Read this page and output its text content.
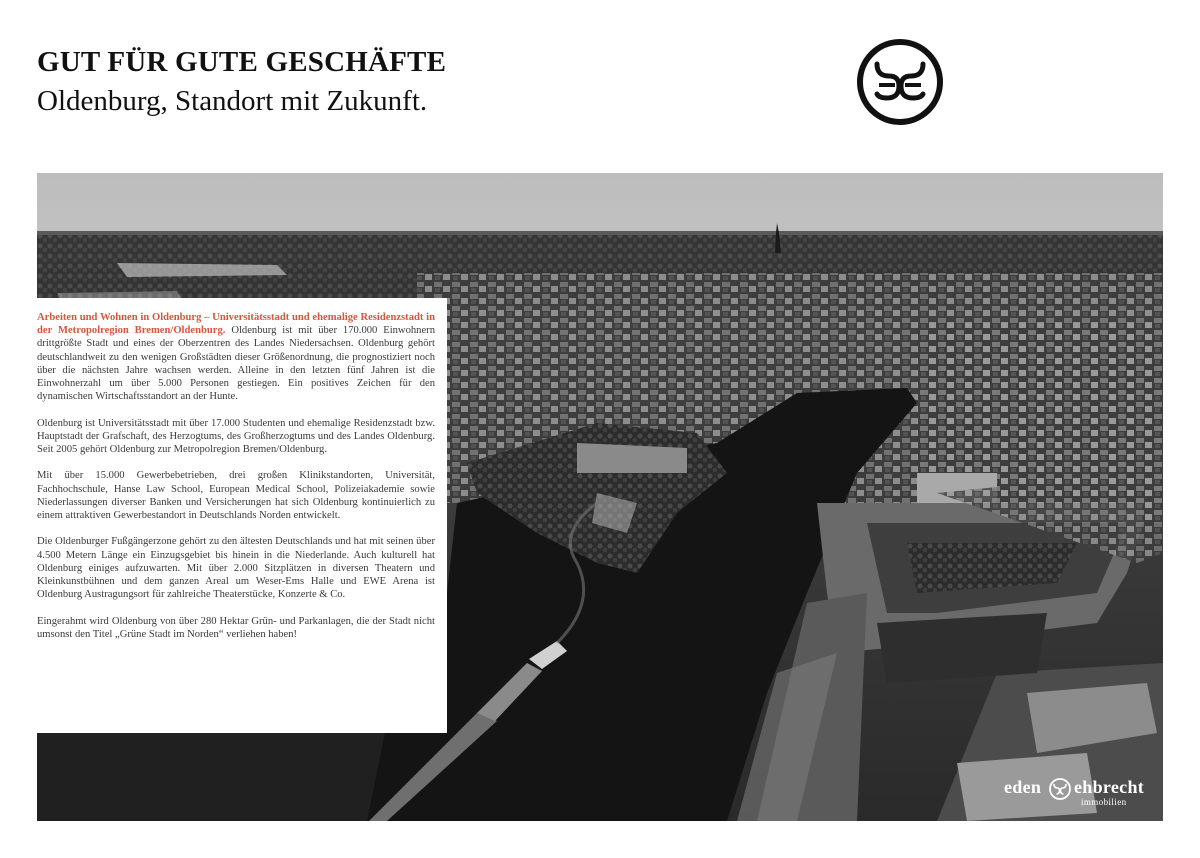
GUT FÜR GUTE GESCHÄFTE
Oldenburg, Standort mit Zukunft.

Arbeiten und Wohnen in Oldenburg – Universitätsstadt und ehemalige Residenzstadt in der Metropolregion Bremen/Oldenburg. Oldenburg ist mit über 170.000 Einwohnern drittgrößte Stadt und eines der Oberzentren des Landes Niedersachsen. Oldenburg gehört deutschlandweit zu den wenigen Großstädten dieser Größenordnung, die prognostiziert noch über die nächsten Jahre wachsen werden. Alleine in den letzten fünf Jahren ist die Einwohnerzahl um über 5.000 Personen gestiegen. Ein positives Zeichen für den dynamischen Wirtschaftsstandort an der Hunte.

Oldenburg ist Universitätsstadt mit über 17.000 Studenten und ehemalige Residenzstadt bzw. Hauptstadt der Grafschaft, des Herzogtums, des Großherzogtums und des Landes Oldenburg. Seit 2005 gehört Oldenburg zur Metropolregion Bremen/Oldenburg.

Mit über 15.000 Gewerbebetrieben, drei großen Klinikstandorten, Universität, Fachhochschule, Hanse Law School, European Medical School, Polizeiakademie sowie Niederlassungen diverser Banken und Versicherungen hat sich Oldenburg kontinuierlich zu einem attraktiven Gewerbestandort in Deutschlands Norden entwickelt.

Die Oldenburger Fußgängerzone gehört zu den ältesten Deutschlands und hat mit seinen über 4.500 Metern Länge ein Einzugsgebiet bis hinein in die Niederlande. Auch kulturell hat Oldenburg einiges aufzuwarten. Mit über 2.000 Sitzplätzen in diversen Theatern und Kleinkunstbühnen und dem ganzen Areal um Weser-Ems Halle und EWE Arena ist Oldenburg Austragungsort für zahlreiche Theaterstücke, Konzerte & Co.

Eingerahmt wird Oldenburg von über 280 Hektar Grün- und Parkanlagen, die der Stadt nicht umsonst den Titel „Grüne Stadt im Norden“ verliehen haben!

eden ehbrecht
immobilien
